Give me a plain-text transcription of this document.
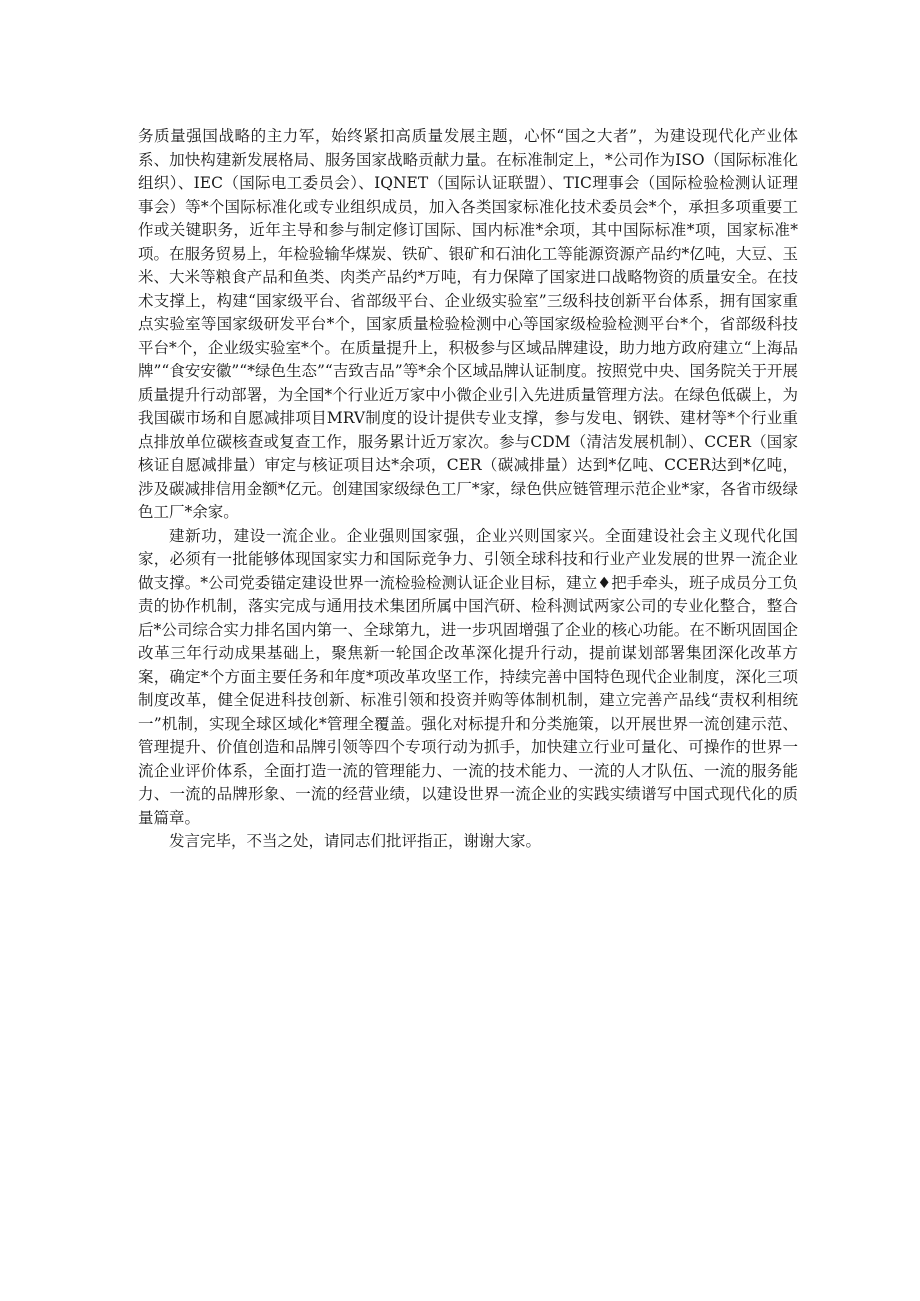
务质量强国战略的主力军，始终紧扣高质量发展主题，心怀“国之大者”，为建设现代化产业体系、加快构建新发展格局、服务国家战略贡献力量。在标准制定上，*公司作为ISO（国际标准化组织）、IEC（国际电工委员会）、IQNET（国际认证联盟）、TIC理事会（国际检验检测认证理事会）等*个国际标准化或专业组织成员，加入各类国家标准化技术委员会*个，承担多项重要工作或关键职务，近年主导和参与制定修订国际、国内标准*余项，其中国际标准*项，国家标准*项。在服务贸易上，年检验输华煤炭、铁矿、银矿和石油化工等能源资源产品约*亿吨，大豆、玉米、大米等粮食产品和鱼类、肉类产品约*万吨，有力保障了国家进口战略物资的质量安全。在技术支撑上，构建“国家级平台、省部级平台、企业级实验室”三级科技创新平台体系，拥有国家重点实验室等国家级研发平台*个，国家质量检验检测中心等国家级检验检测平台*个，省部级科技平台*个，企业级实验室*个。在质量提升上，积极参与区域品牌建设，助力地方政府建立“上海品牌”“食安安徽”“*绿色生态”“吉致吉品”等*余个区域品牌认证制度。按照党中央、国务院关于开展质量提升行动部署，为全国*个行业近万家中小微企业引入先进质量管理方法。在绿色低碳上，为我国碳市场和自愿减排项目MRV制度的设计提供专业支撑，参与发电、钢铁、建材等*个行业重点排放单位碳核查或复查工作，服务累计近万家次。参与CDM（清洁发展机制）、CCER（国家核证自愿减排量）审定与核证项目达*余项，CER（碳减排量）达到*亿吨、CCER达到*亿吨，涉及碳减排信用金额*亿元。创建国家级绿色工厂*家，绿色供应链管理示范企业*家，各省市级绿色工厂*余家。

建新功，建设一流企业。企业强则国家强，企业兴则国家兴。全面建设社会主义现代化国家，必须有一批能够体现国家实力和国际竞争力、引领全球科技和行业产业发展的世界一流企业做支撑。*公司党委锚定建设世界一流检验检测认证企业目标，建立♦把手牵头，班子成员分工负责的协作机制，落实完成与通用技术集团所属中国汽研、检科测试两家公司的专业化整合，整合后*公司综合实力排名国内第一、全球第九，进一步巩固增强了企业的核心功能。在不断巩固国企改革三年行动成果基础上，聚焦新一轮国企改革深化提升行动，提前谋划部署集团深化改革方案，确定*个方面主要任务和年度*项改革攻坚工作，持续完善中国特色现代企业制度，深化三项制度改革，健全促进科技创新、标准引领和投资并购等体制机制，建立完善产品线“责权利相统一”机制，实现全球区域化*管理全覆盖。强化对标提升和分类施策，以开展世界一流创建示范、管理提升、价值创造和品牌引领等四个专项行动为抓手，加快建立行业可量化、可操作的世界一流企业评价体系，全面打造一流的管理能力、一流的技术能力、一流的人才队伍、一流的服务能力、一流的品牌形象、一流的经营业绩，以建设世界一流企业的实践实绩谱写中国式现代化的质量篇章。

发言完毕，不当之处，请同志们批评指正，谢谢大家。
